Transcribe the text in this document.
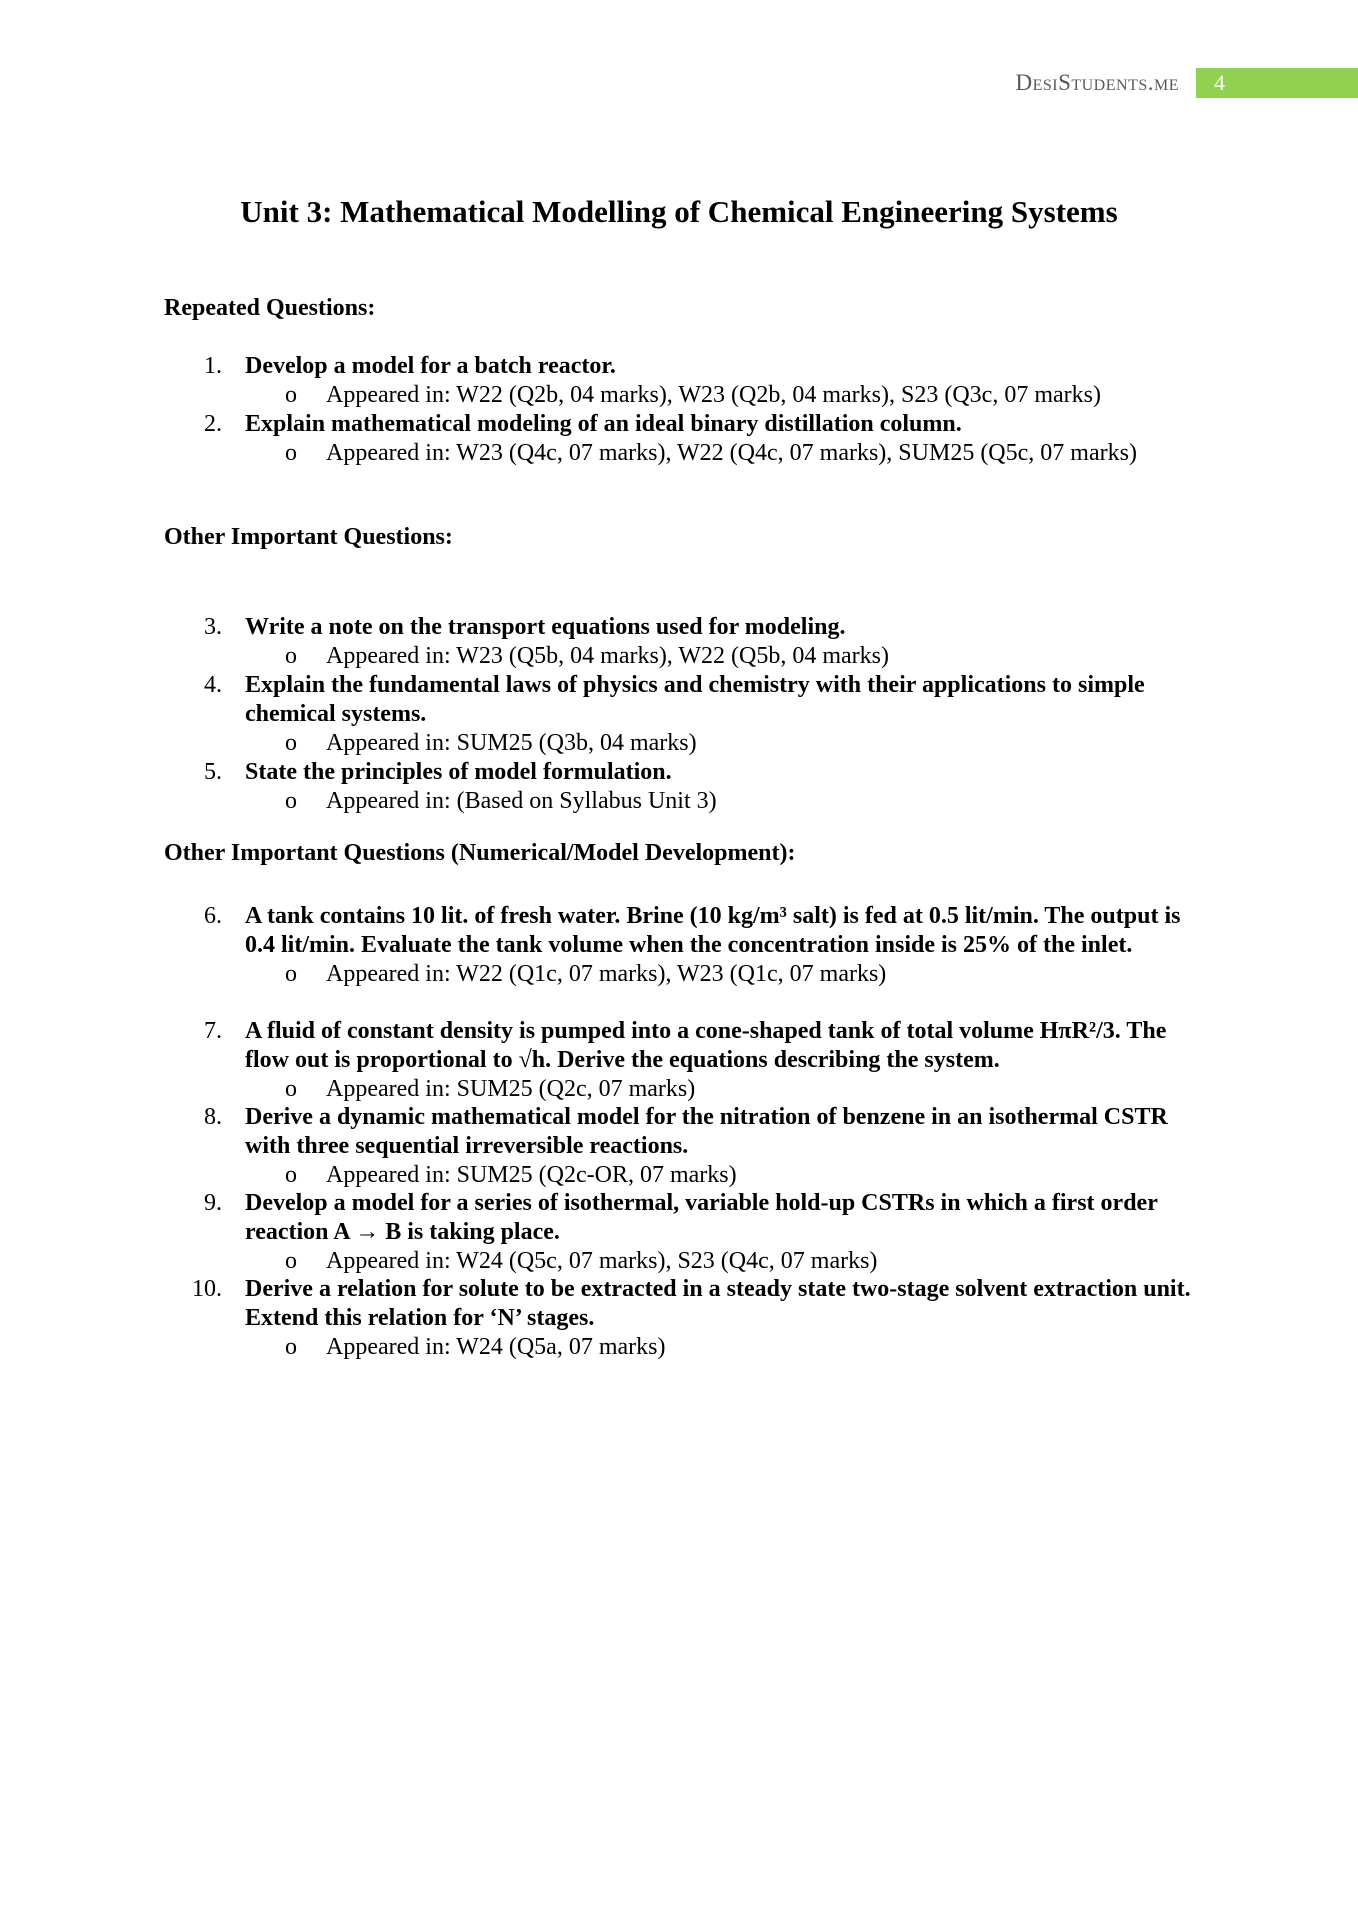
DesiStudents.me	4
Unit 3: Mathematical Modelling of Chemical Engineering Systems
Repeated Questions:
1. Develop a model for a batch reactor.
o Appeared in: W22 (Q2b, 04 marks), W23 (Q2b, 04 marks), S23 (Q3c, 07 marks)
2. Explain mathematical modeling of an ideal binary distillation column.
o Appeared in: W23 (Q4c, 07 marks), W22 (Q4c, 07 marks), SUM25 (Q5c, 07 marks)
Other Important Questions:
3. Write a note on the transport equations used for modeling.
o Appeared in: W23 (Q5b, 04 marks), W22 (Q5b, 04 marks)
4. Explain the fundamental laws of physics and chemistry with their applications to simple chemical systems.
o Appeared in: SUM25 (Q3b, 04 marks)
5. State the principles of model formulation.
o Appeared in: (Based on Syllabus Unit 3)
Other Important Questions (Numerical/Model Development):
6. A tank contains 10 lit. of fresh water. Brine (10 kg/m³ salt) is fed at 0.5 lit/min. The output is 0.4 lit/min. Evaluate the tank volume when the concentration inside is 25% of the inlet.
o Appeared in: W22 (Q1c, 07 marks), W23 (Q1c, 07 marks)
7. A fluid of constant density is pumped into a cone-shaped tank of total volume HπR²/3. The flow out is proportional to √h. Derive the equations describing the system.
o Appeared in: SUM25 (Q2c, 07 marks)
8. Derive a dynamic mathematical model for the nitration of benzene in an isothermal CSTR with three sequential irreversible reactions.
o Appeared in: SUM25 (Q2c-OR, 07 marks)
9. Develop a model for a series of isothermal, variable hold-up CSTRs in which a first order reaction A → B is taking place.
o Appeared in: W24 (Q5c, 07 marks), S23 (Q4c, 07 marks)
10. Derive a relation for solute to be extracted in a steady state two-stage solvent extraction unit. Extend this relation for ‘N’ stages.
o Appeared in: W24 (Q5a, 07 marks)
